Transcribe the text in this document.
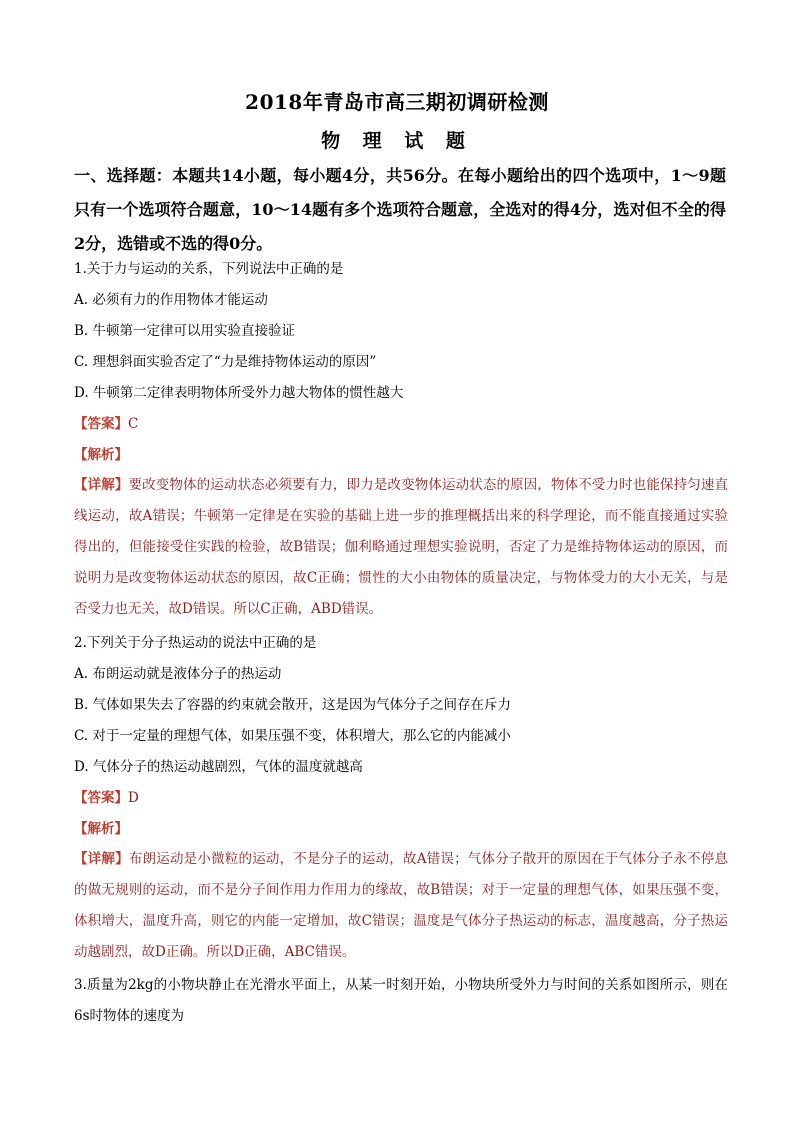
2018年青岛市高三期初调研检测
物 理 试 题
一、选择题：本题共14小题，每小题4分，共56分。在每小题给出的四个选项中，1～9题只有一个选项符合题意，10～14题有多个选项符合题意，全选对的得4分，选对但不全的得2分，选错或不选的得0分。
1.关于力与运动的关系，下列说法中正确的是
A. 必须有力的作用物体才能运动
B. 牛顿第一定律可以用实验直接验证
C. 理想斜面实验否定了“力是维持物体运动的原因”
D. 牛顿第二定律表明物体所受外力越大物体的惯性越大
【答案】C
【解析】
【详解】要改变物体的运动状态必须要有力，即力是改变物体运动状态的原因，物体不受力时也能保持匀速直线运动，故A错误；牛顿第一定律是在实验的基础上进一步的推理概括出来的科学理论，而不能直接通过实验得出的，但能接受住实践的检验，故B错误；伽利略通过理想实验说明，否定了力是维持物体运动的原因，而说明力是改变物体运动状态的原因，故C正确；惯性的大小由物体的质量决定，与物体受力的大小无关，与是否受力也无关，故D错误。所以C正确，ABD错误。
2.下列关于分子热运动的说法中正确的是
A. 布朗运动就是液体分子的热运动
B. 气体如果失去了容器的约束就会散开，这是因为气体分子之间存在斥力
C. 对于一定量的理想气体，如果压强不变，体积增大，那么它的内能减小
D. 气体分子的热运动越剧烈，气体的温度就越高
【答案】D
【解析】
【详解】布朗运动是小微粒的运动，不是分子的运动，故A错误；气体分子散开的原因在于气体分子永不停息的做无规则的运动，而不是分子间作用力作用力的缘故，故B错误；对于一定量的理想气体，如果压强不变，体积增大，温度升高，则它的内能一定增加，故C错误；温度是气体分子热运动的标志，温度越高，分子热运动越剧烈，故D正确。所以D正确，ABC错误。
3.质量为2kg的小物块静止在光滑水平面上，从某一时刻开始，小物块所受外力与时间的关系如图所示，则在6s时物体的速度为
